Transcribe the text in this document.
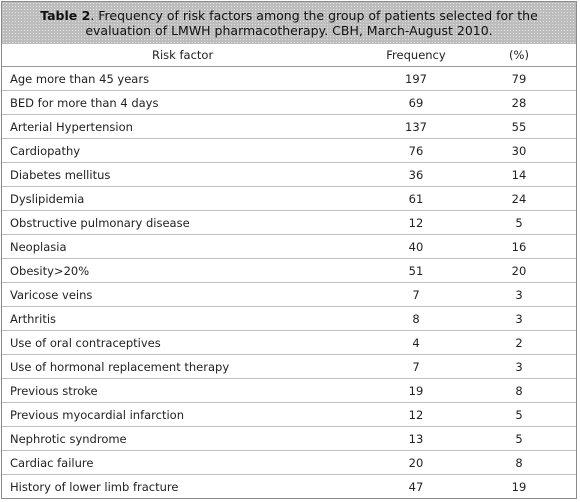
Table 2. Frequency of risk factors among the group of patients selected for the evaluation of LMWH pharmacotherapy. CBH, March-August 2010.
Risk factor	Frequency	(%)
Age more than 45 years	197	79
BED for more than 4 days	69	28
Arterial Hypertension	137	55
Cardiopathy	76	30
Diabetes mellitus	36	14
Dyslipidemia	61	24
Obstructive pulmonary disease	12	5
Neoplasia	40	16
Obesity>20%	51	20
Varicose veins	7	3
Arthritis	8	3
Use of oral contraceptives	4	2
Use of hormonal replacement therapy	7	3
Previous stroke	19	8
Previous myocardial infarction	12	5
Nephrotic syndrome	13	5
Cardiac failure	20	8
History of lower limb fracture	47	19
